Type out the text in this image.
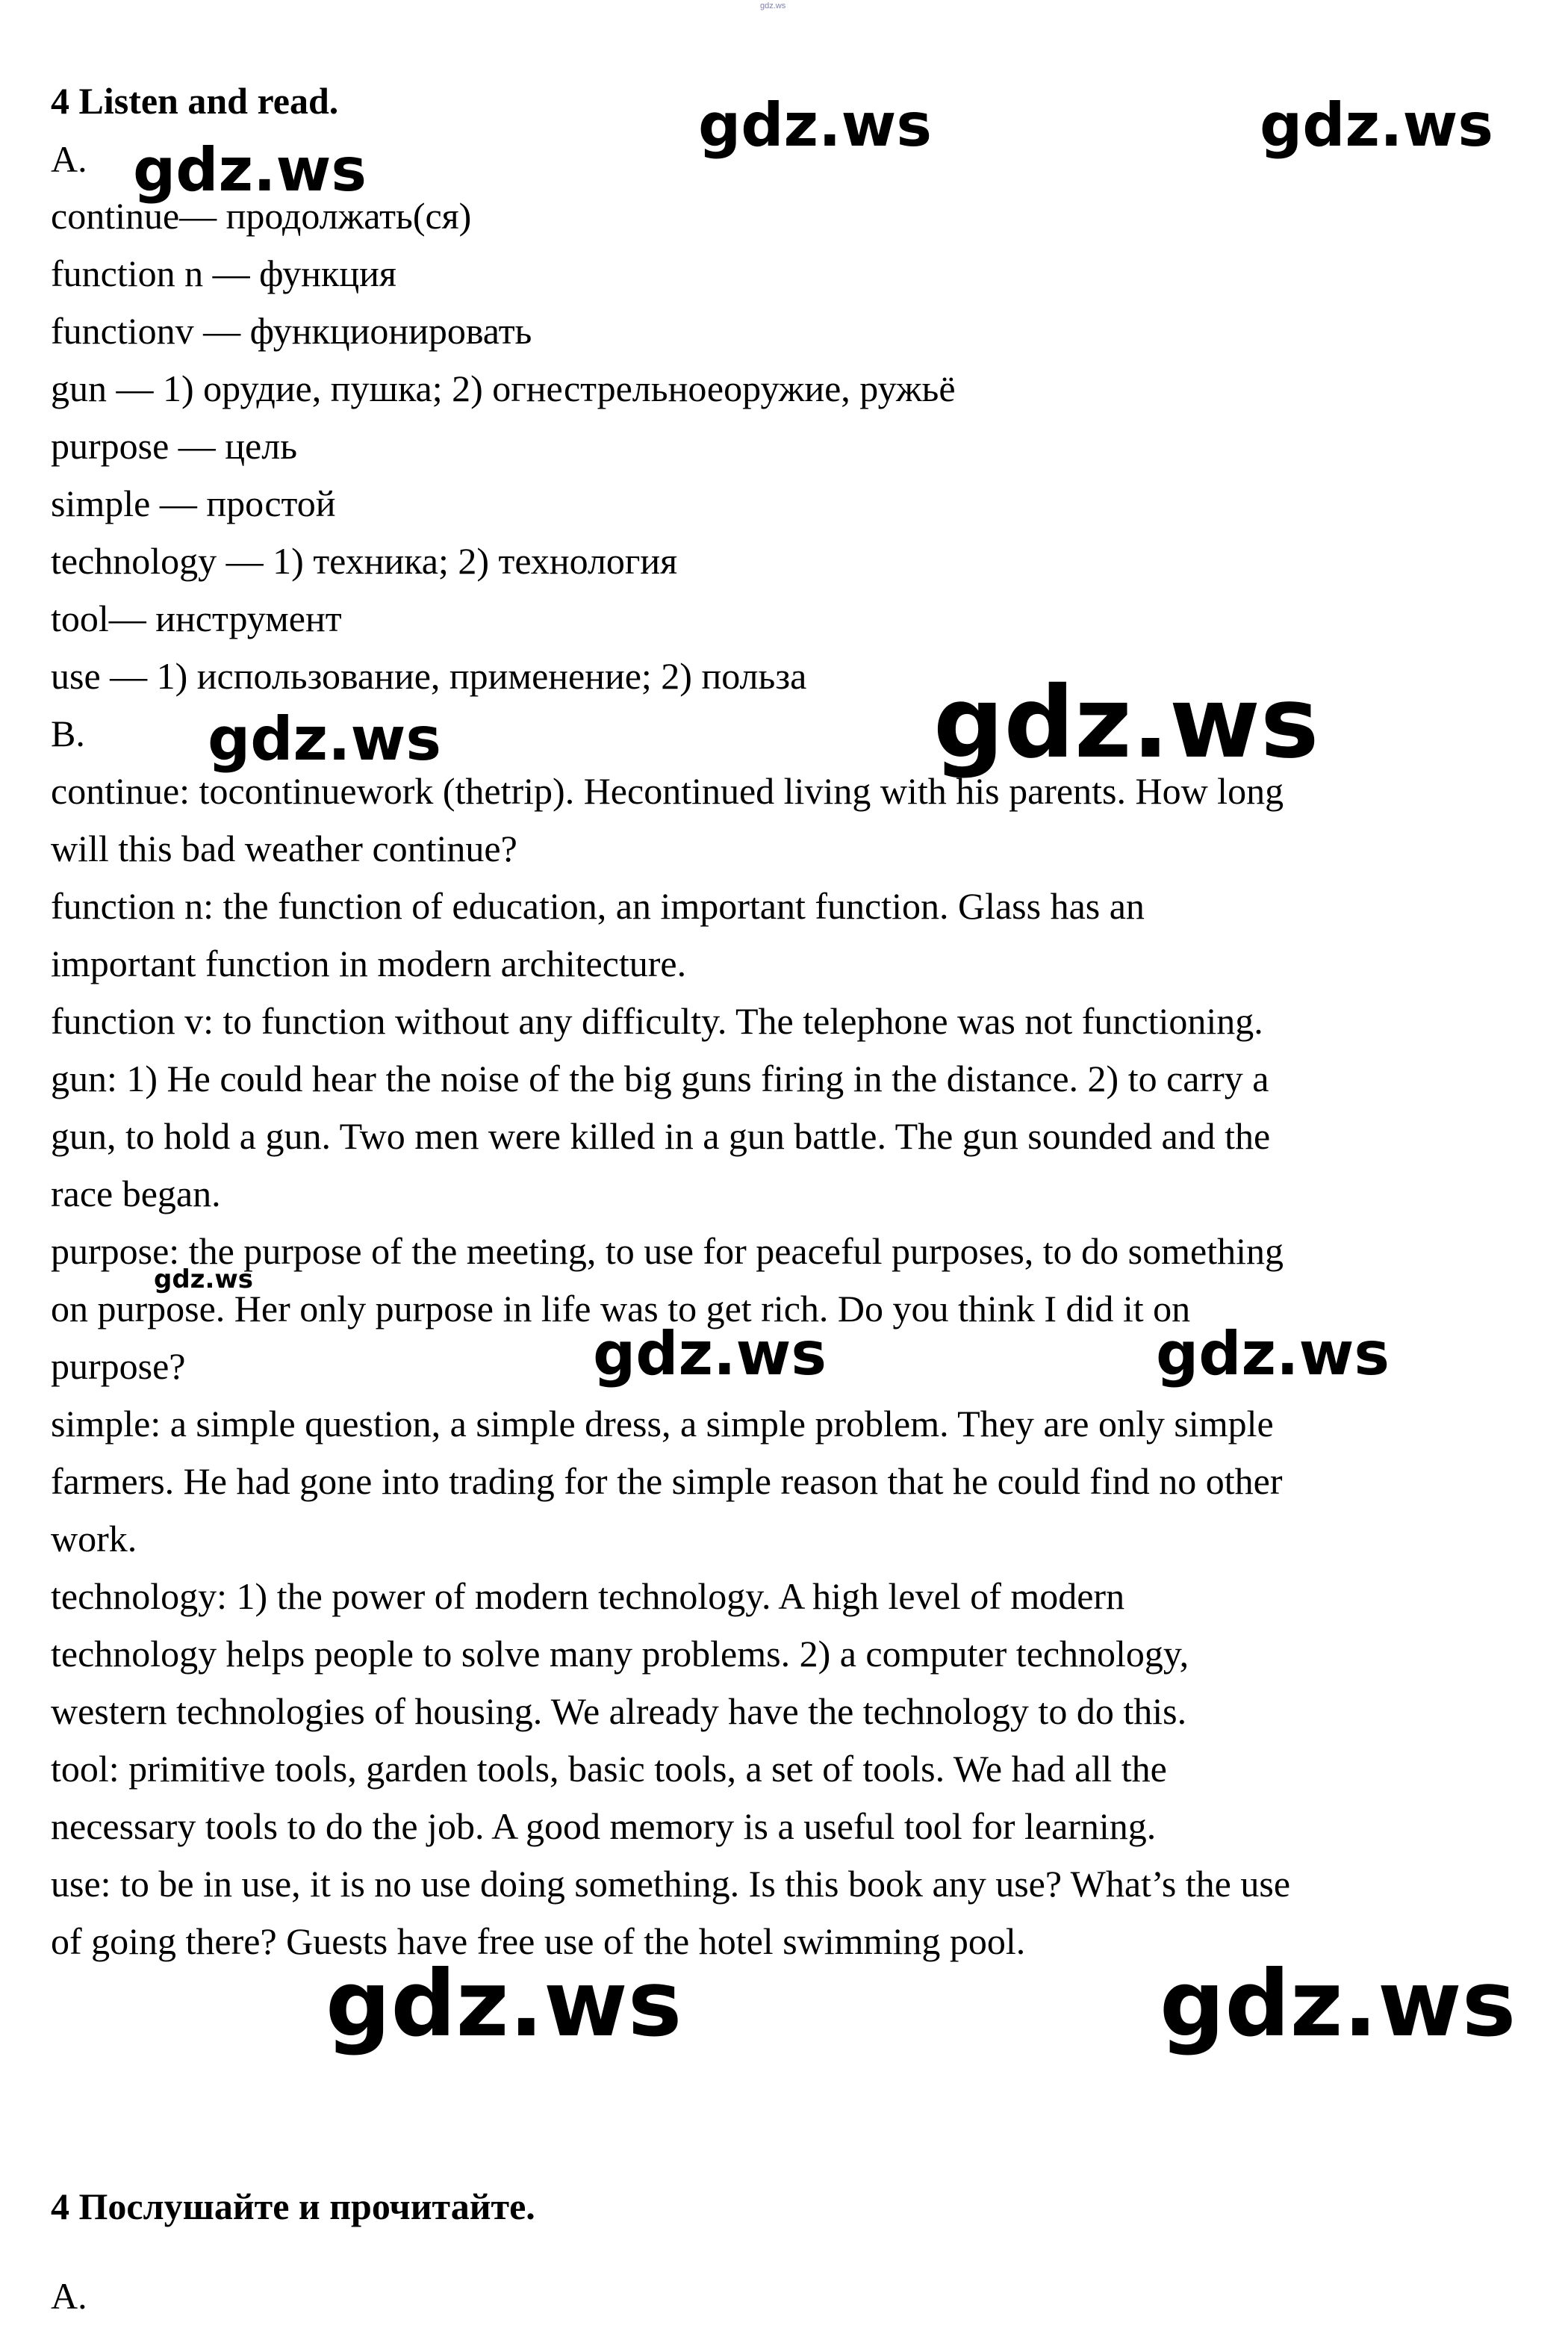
gdz.ws
4 Listen and read.
A.
continue— продолжать(ся)
function n — функция
functionv — функционировать
gun — 1) орудие, пушка; 2) огнестрельноеоружие, ружьё
purpose — цель
simple — простой
technology — 1) техника; 2) технология
tool— инструмент
use — 1) использование, применение; 2) польза
B.
continue: tocontinuework (thetrip). Hecontinued living with his parents. How long
will this bad weather continue?
function n: the function of education, an important function. Glass has an
important function in modern architecture.
function v: to function without any difficulty. The telephone was not functioning.
gun: 1) He could hear the noise of the big guns firing in the distance. 2) to carry a
gun, to hold a gun. Two men were killed in a gun battle. The gun sounded and the
race began.
purpose: the purpose of the meeting, to use for peaceful purposes, to do something
on purpose. Her only purpose in life was to get rich. Do you think I did it on
purpose?
simple: a simple question, a simple dress, a simple problem. They are only simple
farmers. He had gone into trading for the simple reason that he could find no other
work.
technology: 1) the power of modern technology. A high level of modern
technology helps people to solve many problems. 2) a computer technology,
western technologies of housing. We already have the technology to do this.
tool: primitive tools, garden tools, basic tools, a set of tools. We had all the
necessary tools to do the job. A good memory is a useful tool for learning.
use: to be in use, it is no use doing something. Is this book any use? What’s the use
of going there? Guests have free use of the hotel swimming pool.
4 Послушайте и прочитайте.
A.
gdz.ws	gdz.ws
gdz.ws
gdz.ws
gdz.ws
gdz.ws
gdz.ws	gdz.ws
gdz.ws	gdz.ws
